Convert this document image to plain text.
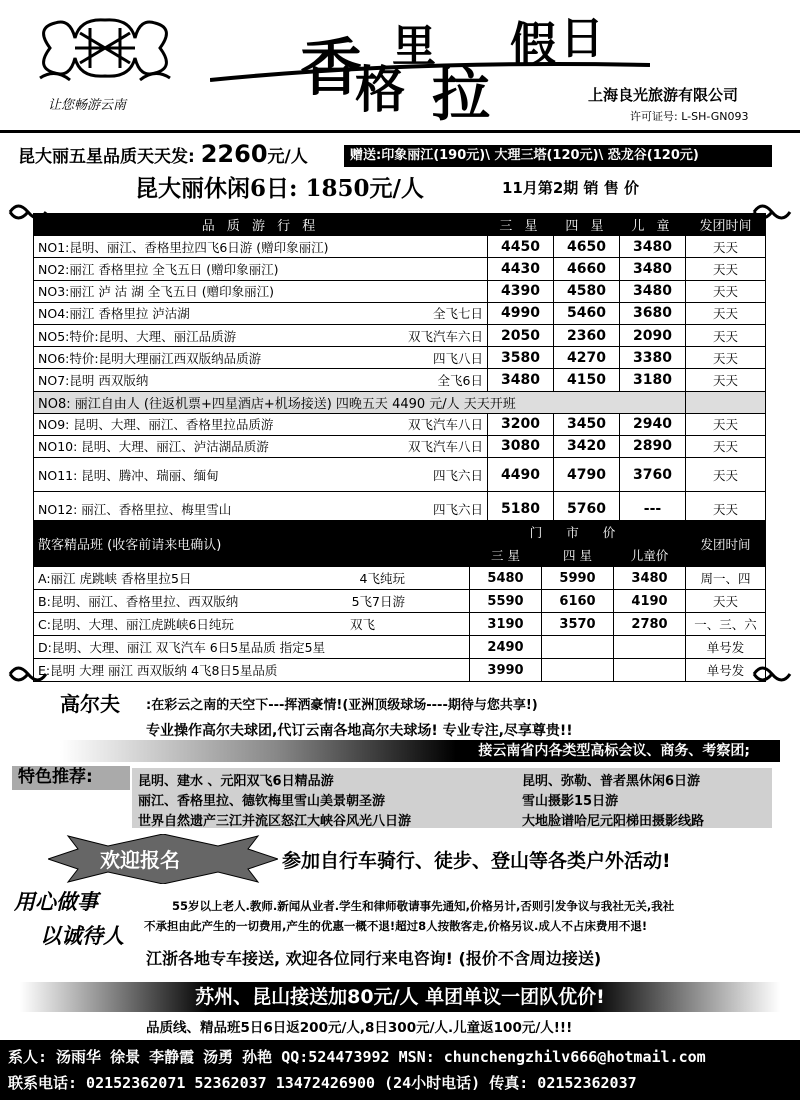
让您畅游云南
香
格
里
拉
假 日
上海良光旅游有限公司
许可证号: L-SH-GN093
昆大丽五星品质天天发: 2260元/人	赠送:印象丽江(190元)\ 大理三塔(120元)\ 恐龙谷(120元)
昆大丽休闲6日: 1850元/人	11月第2期 销 售 价
品 质 游 行 程	三 星	四 星	儿 童	发团时间

NO1:昆明、丽江、香格里拉四飞6日游 (赠印象丽江)	4450	4650	3480	天天

NO2:丽江 香格里拉 全飞五日 (赠印象丽江)	4430	4660	3480	天天

NO3:丽江 泸 沽 湖 全飞五日 (赠印象丽江)	4390	4580	3480	天天

NO4:丽江 香格里拉 泸沽湖 全飞七日	4990	5460	3680	天天

NO5:特价:昆明、大理、丽江品质游 双飞汽车六日	2050	2360	2090	天天

NO6:特价:昆明大理丽江西双版纳品质游 四飞八日	3580	4270	3380	天天

NO7:昆明 西双版纳 全飞6日	3480	4150	3180	天天
NO8: 丽江自由人 (往返机票+四星酒店+机场接送) 四晚五天 4490 元/人 天天开班				

NO9: 昆明、大理、丽江、香格里拉品质游 双飞汽车八日	3200	3450	2940	天天

NO10: 昆明、大理、丽江、泸沽湖品质游 双飞汽车八日	3080	3420	2890	天天

NO11: 昆明、腾冲、瑞丽、缅甸 四飞六日	4490	4790	3760	天天

NO12: 丽江、香格里拉、梅里雪山 四飞六日	5180	5760	---	天天
散客精品班 (收客前请来电确认)	门 市 价			发团时间
	三 星	四 星	儿童价	

A:丽江 虎跳峡 香格里拉5日 4飞纯玩	5480	5990	3480	周一、四

B:昆明、丽江、香格里拉、西双版纳 5飞7日游	5590	6160	4190	天天

C:昆明、大理、丽江虎跳峡6日纯玩 双飞	3190	3570	2780	一、三、六
D:昆明、大理、丽江 双飞汽车 6日5星品质 指定5星	2490			单号发
E:昆明 大理 丽江 西双版纳 4飞8日5星品质	3990			单号发
高尔夫 :在彩云之南的天空下---挥洒豪情!(亚洲顶级球场----期待与您共享!)
专业操作高尔夫球团,代订云南各地高尔夫球场! 专业专注,尽享尊贵!!
接云南省内各类型高标会议、商务、考察团;
特色推荐:	昆明、建水 、元阳双飞6日精品游
丽江、香格里拉、德钦梅里雪山美景朝圣游
世界自然遗产三江并流区怒江大峡谷风光八日游
昆明、弥勒、普者黑休闲6日游
雪山摄影15日游
大地脸谱哈尼元阳梯田摄影线路
欢迎报名	参加自行车骑行、徒步、登山等各类户外活动!
用心做事
以诚待人
55岁以上老人.教师.新闻从业者.学生和律师敬请事先通知,价格另计,否则引发争议与我社无关,我社
不承担由此产生的一切费用,产生的优惠一概不退!超过8人按散客走,价格另议.成人不占床费用不退!
江浙各地专车接送, 欢迎各位同行来电咨询! (报价不含周边接送)
苏州、昆山接送加80元/人 单团单议一团队优价!
品质线、精品班5日6日返200元/人,8日300元/人.儿童返100元/人!!!
系人: 汤雨华 徐景 李静霞 汤勇 孙艳 QQ:524473992 MSN: chunchengzhilv666@hotmail.com
联系电话: 02152362071 52362037 13472426900 (24小时电话) 传真: 02152362037
